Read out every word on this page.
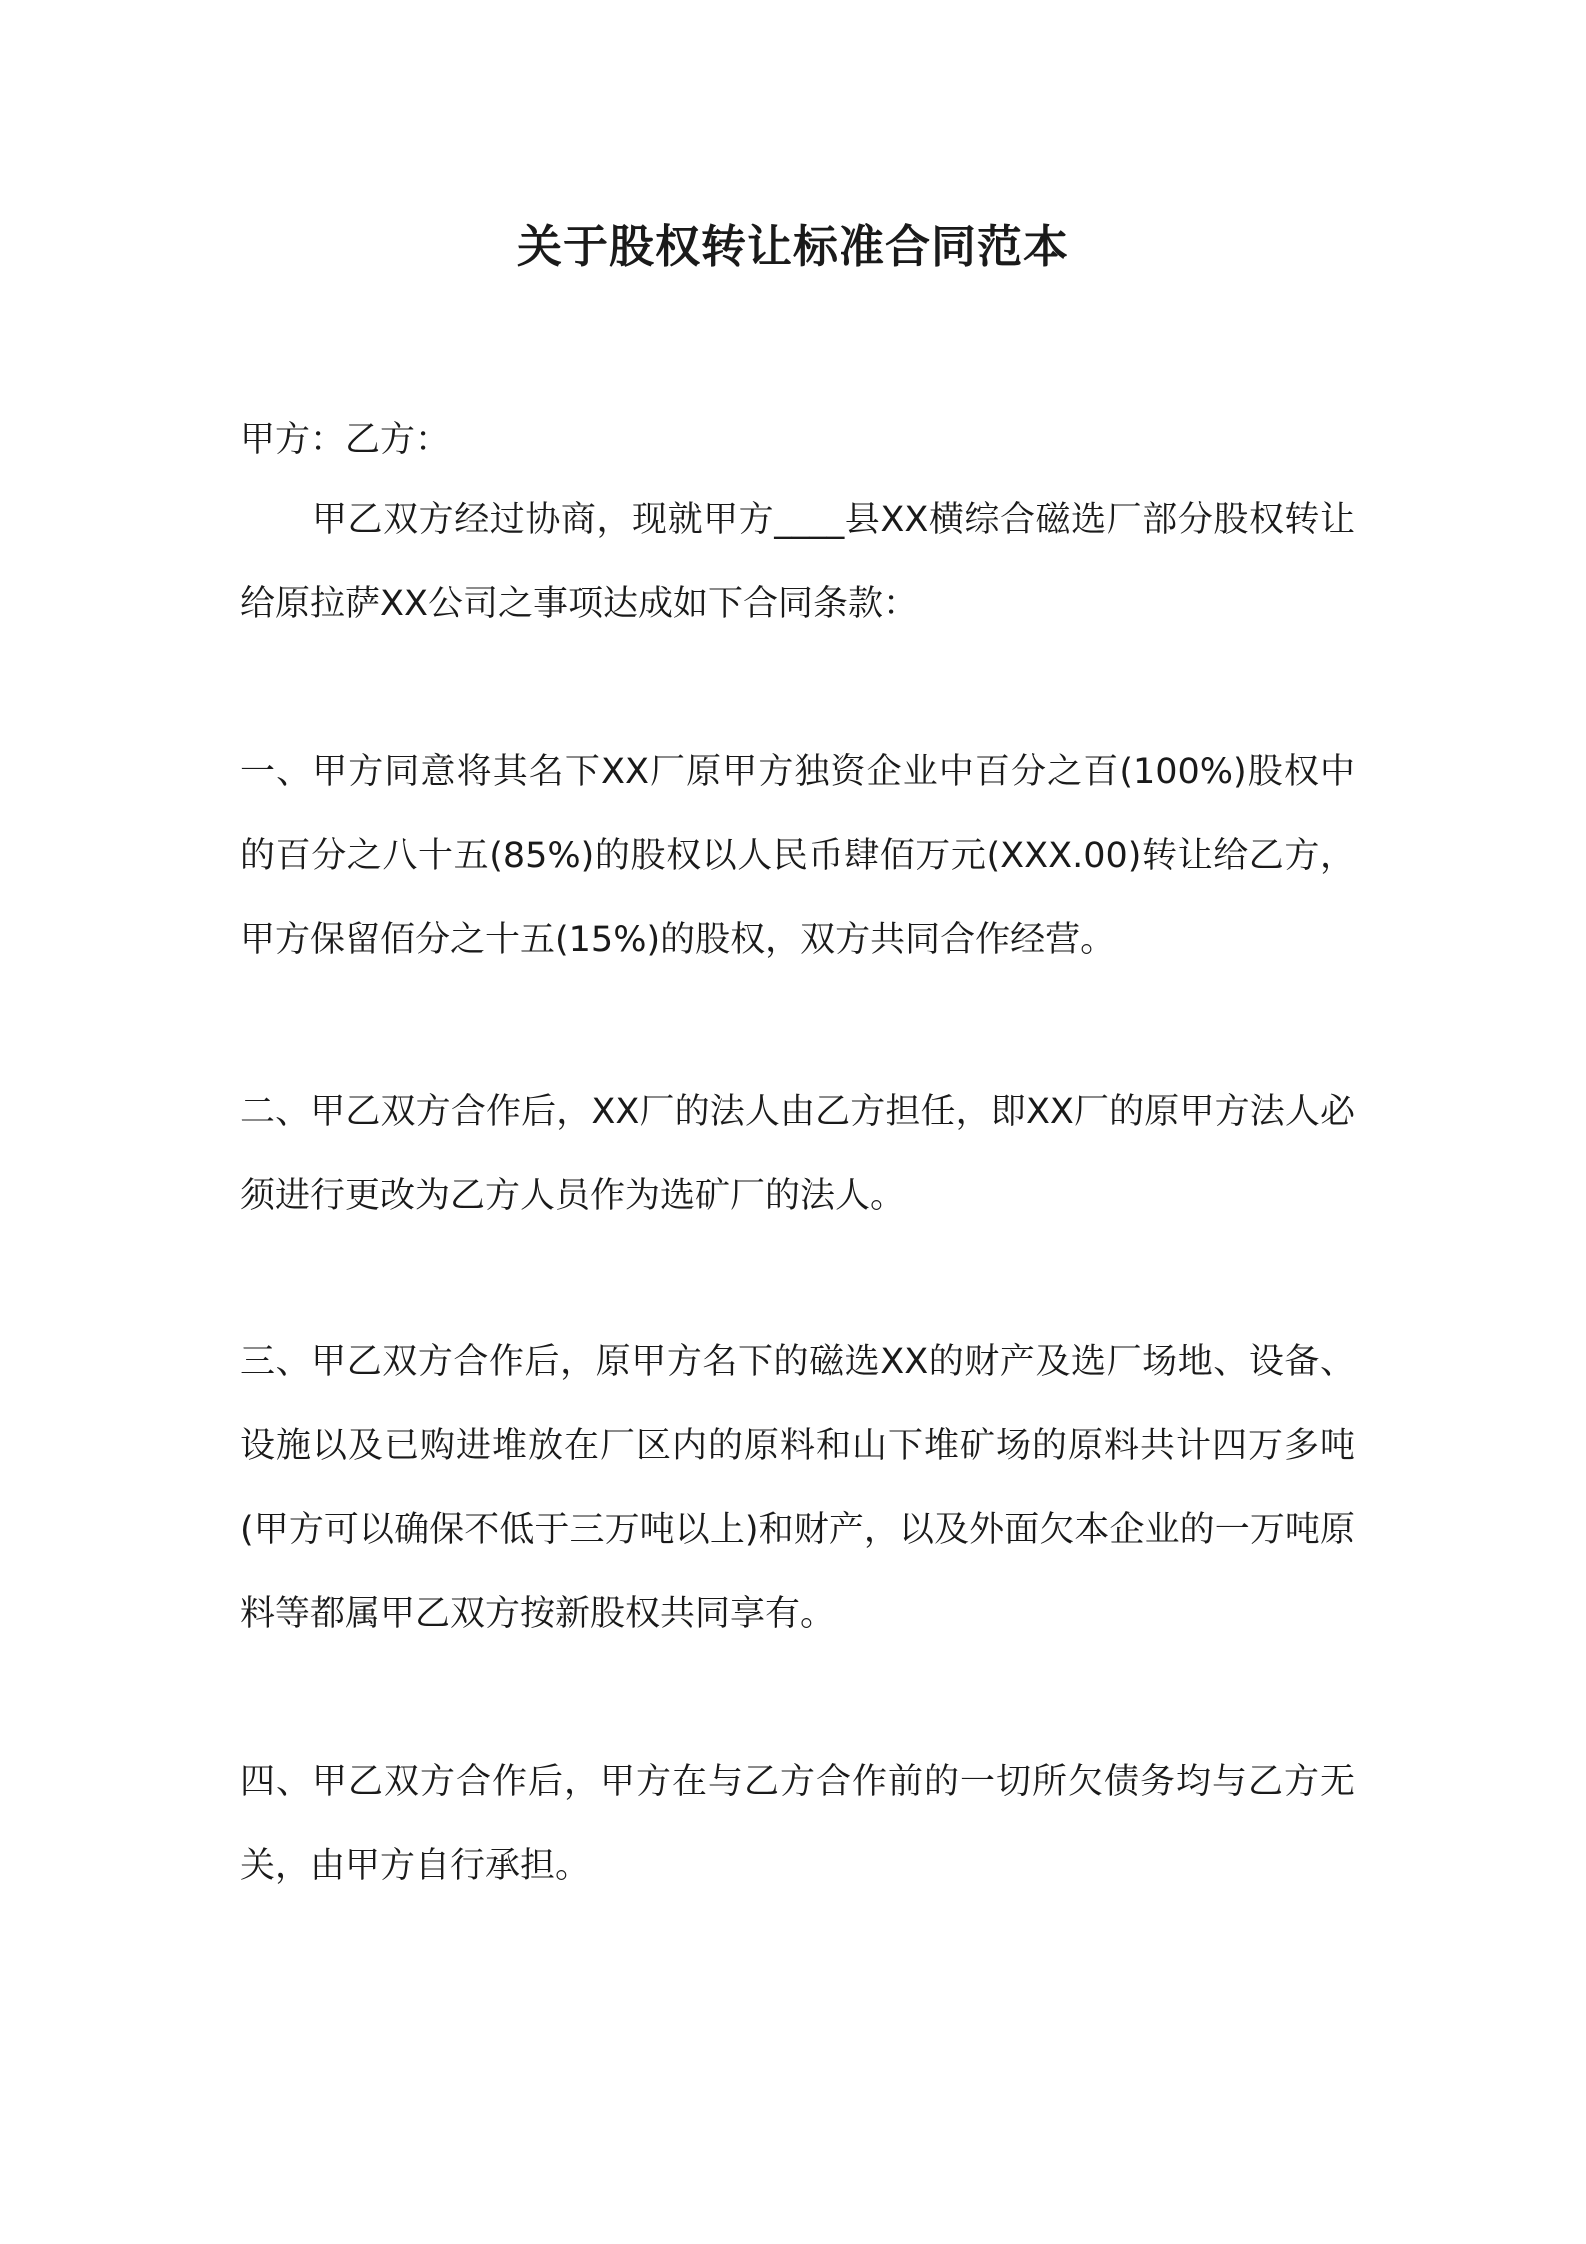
关于股权转让标准合同范本

甲方：乙方：

甲乙双方经过协商，现就甲方____县XX横综合磁选厂部分股权转让给原拉萨XX公司之事项达成如下合同条款：

一、甲方同意将其名下XX厂原甲方独资企业中百分之百(100%)股权中的百分之八十五(85%)的股权以人民币肆佰万元(XXX.00)转让给乙方，甲方保留佰分之十五(15%)的股权，双方共同合作经营。

二、甲乙双方合作后，XX厂的法人由乙方担任，即XX厂的原甲方法人必须进行更改为乙方人员作为选矿厂的法人。

三、甲乙双方合作后，原甲方名下的磁选XX的财产及选厂场地、设备、设施以及已购进堆放在厂区内的原料和山下堆矿场的原料共计四万多吨(甲方可以确保不低于三万吨以上)和财产，以及外面欠本企业的一万吨原料等都属甲乙双方按新股权共同享有。

四、甲乙双方合作后，甲方在与乙方合作前的一切所欠债务均与乙方无关，由甲方自行承担。
